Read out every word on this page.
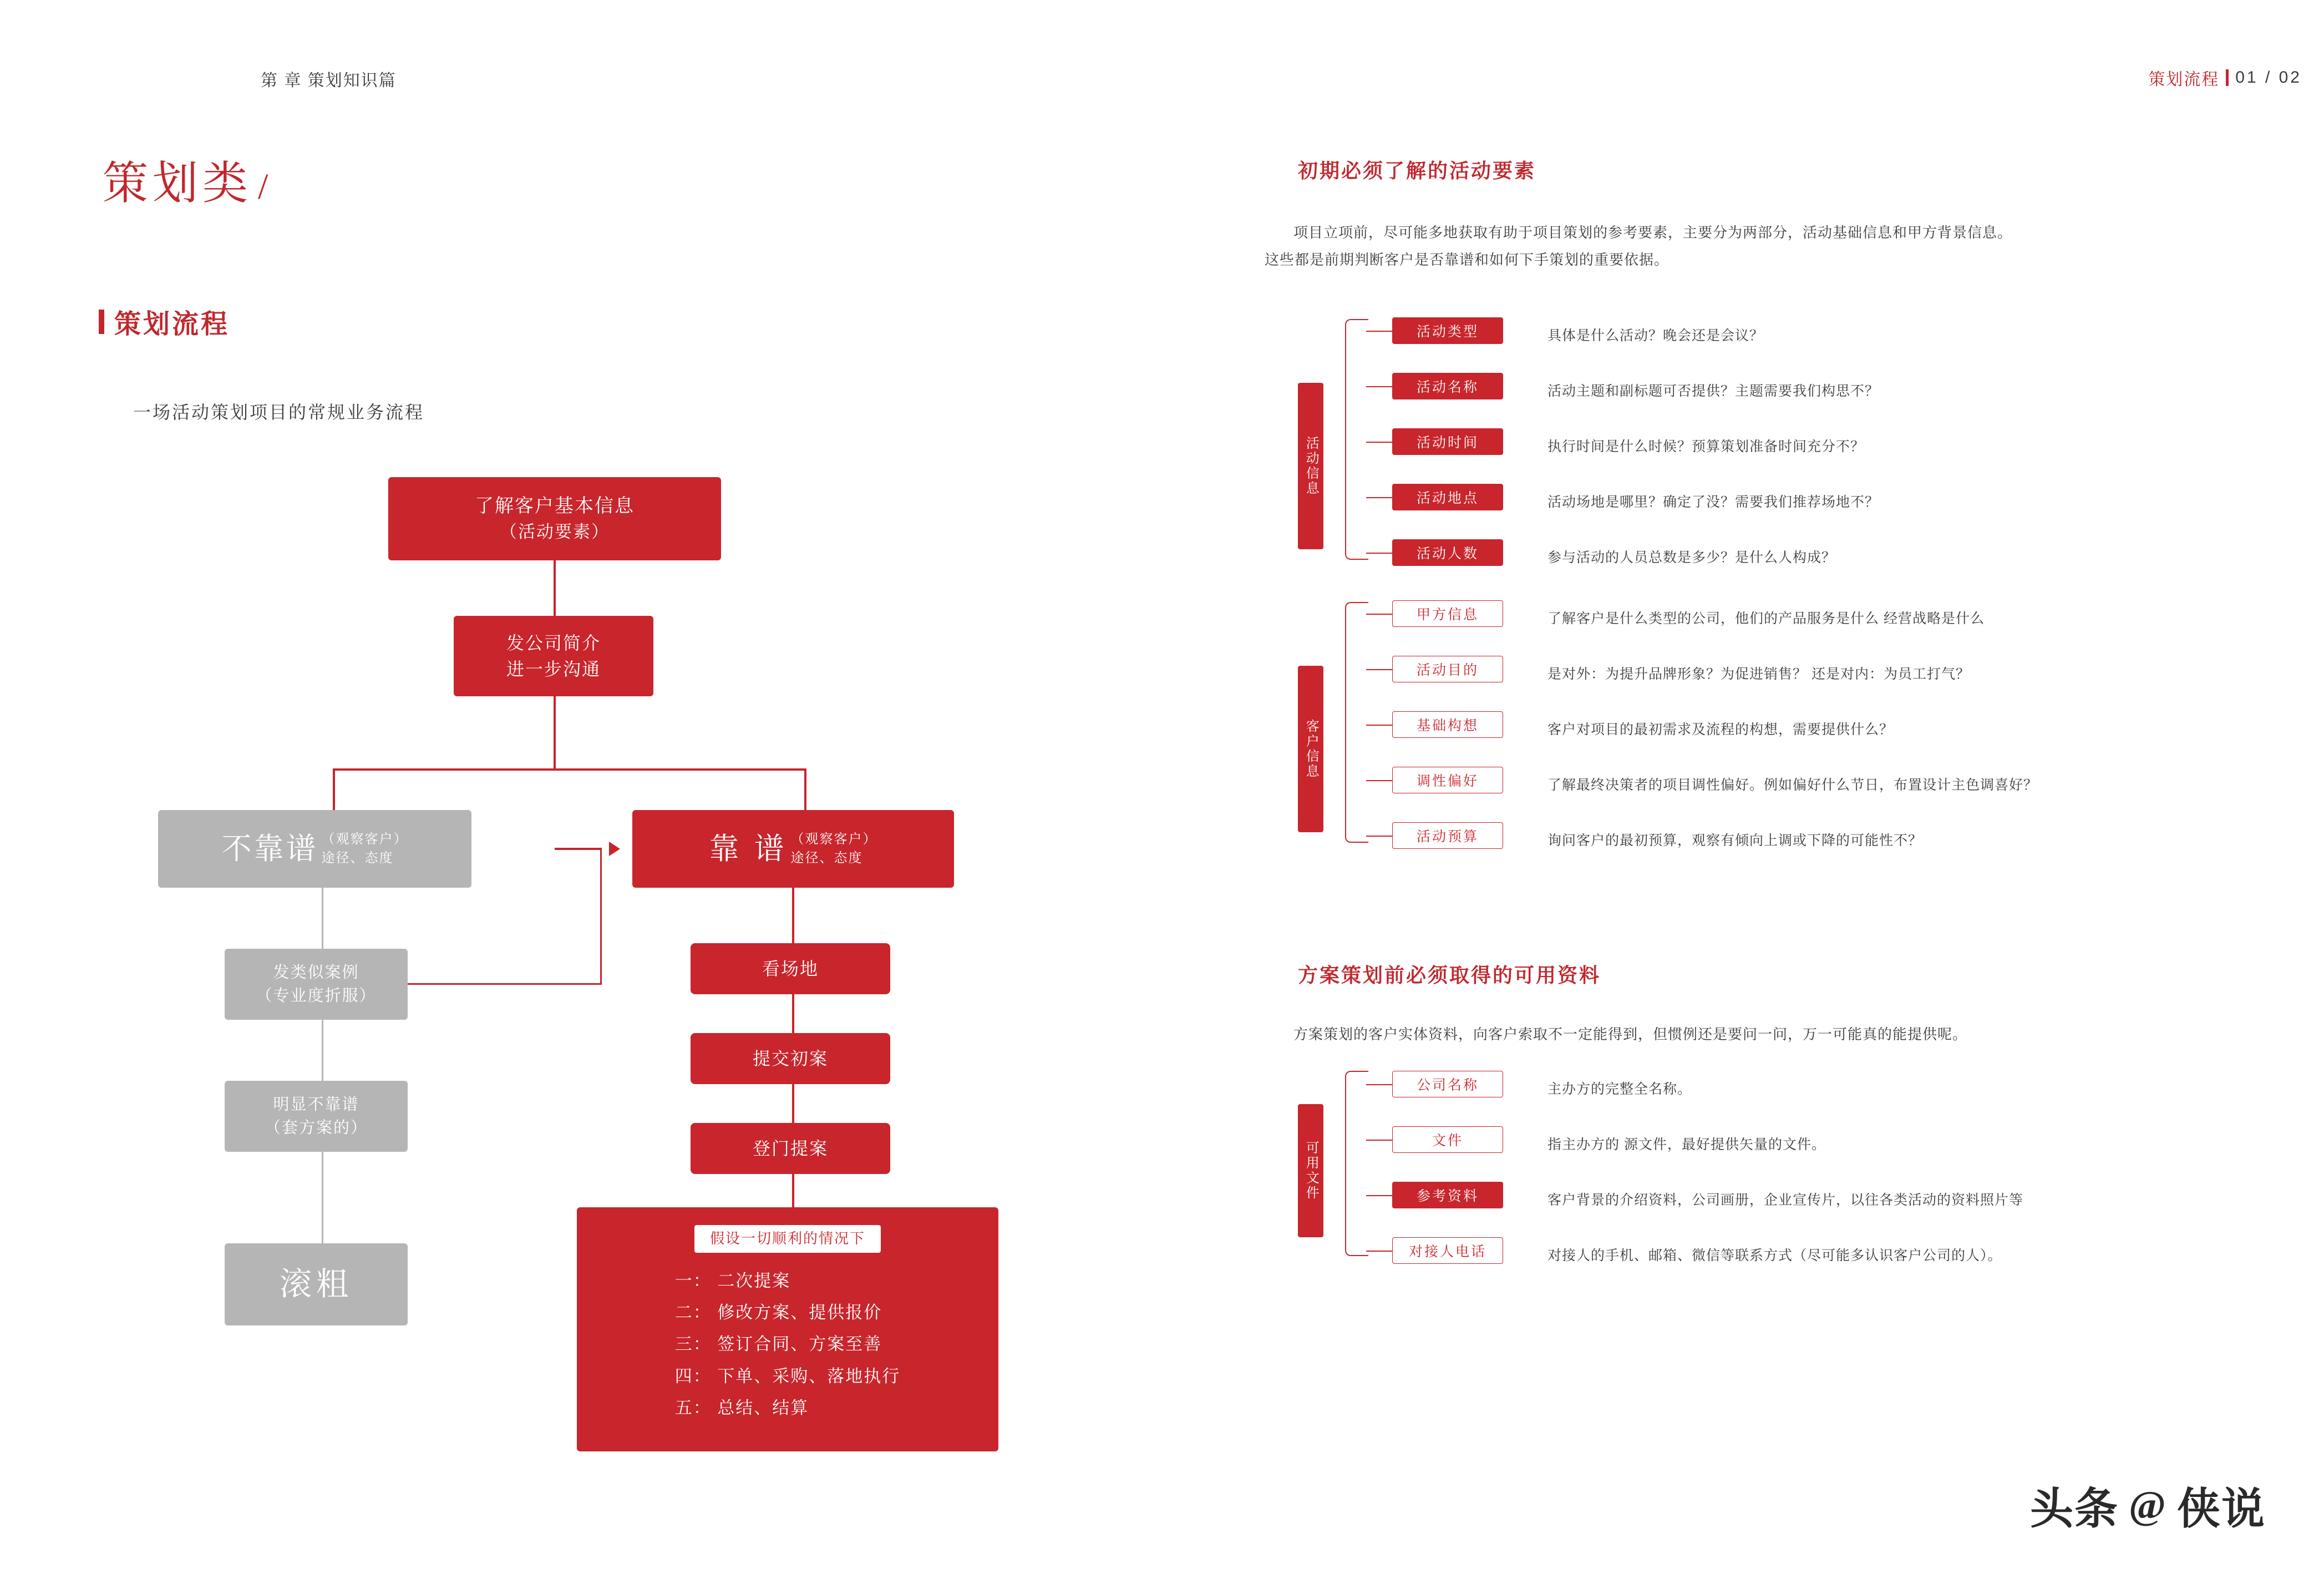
第 章 策划知识篇	策划流程 01 / 02
策划类 /
策划流程
一场活动策划项目的常规业务流程
了解客户基本信息
（活动要素）
发公司简介
进一步沟通
不靠谱 （观察客户）
途径、态度	靠 谱 （观察客户）
途径、态度
发类似案例
（专业度折服）
明显不靠谱
（套方案的）
滚粗
看场地
提交初案
登门提案
假设一切顺利的情况下
一： 二次提案
二： 修改方案、提供报价
三： 签订合同、方案至善
四： 下单、采购、落地执行
五： 总结、结算
初期必须了解的活动要素
项目立项前，尽可能多地获取有助于项目策划的参考要素，主要分为两部分，活动基础信息和甲方背景信息。
这些都是前期判断客户是否靠谱和如何下手策划的重要依据。
活动信息
活动类型	具体是什么活动？晚会还是会议？
活动名称	活动主题和副标题可否提供？主题需要我们构思不？
活动时间	执行时间是什么时候？预算策划准备时间充分不？
活动地点	活动场地是哪里？确定了没？需要我们推荐场地不？
活动人数	参与活动的人员总数是多少？是什么人构成？
客户信息
甲方信息	了解客户是什么类型的公司，他们的产品服务是什么 经营战略是什么
活动目的	是对外：为提升品牌形象？为促进销售？ 还是对内：为员工打气？
基础构想	客户对项目的最初需求及流程的构想，需要提供什么？
调性偏好	了解最终决策者的项目调性偏好。例如偏好什么节日，布置设计主色调喜好？
活动预算	询问客户的最初预算，观察有倾向上调或下降的可能性不？
方案策划前必须取得的可用资料
方案策划的客户实体资料，向客户索取不一定能得到，但惯例还是要问一问，万一可能真的能提供呢。
可用文件
公司名称	主办方的完整全名称。
文件	指主办方的 源文件，最好提供矢量的文件。
参考资料	客户背景的介绍资料，公司画册，企业宣传片，以往各类活动的资料照片等
对接人电话	对接人的手机、邮箱、微信等联系方式（尽可能多认识客户公司的人）。
头条 @ 侠说
